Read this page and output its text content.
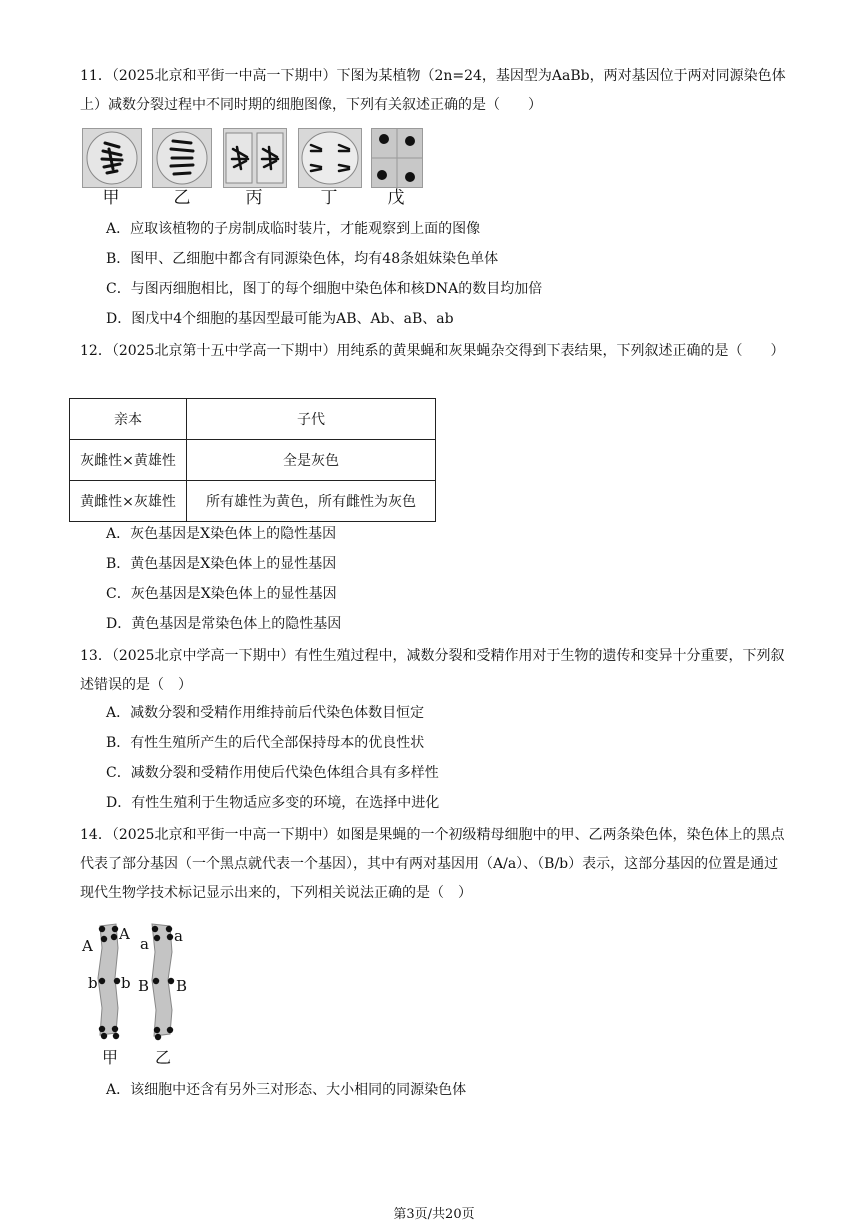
11．（2025北京和平街一中高一下期中）下图为某植物（2n=24，基因型为AaBb，两对基因位于两对同源染色体上）减数分裂过程中不同时期的细胞图像，下列有关叙述正确的是（　　）
甲	乙	丙	丁	戊
A．应取该植物的子房制成临时装片，才能观察到上面的图像
B．图甲、乙细胞中都含有同源染色体，均有48条姐妹染色单体
C．与图丙细胞相比，图丁的每个细胞中染色体和核DNA的数目均加倍
D．图戊中4个细胞的基因型最可能为AB、Ab、aB、ab
12．（2025北京第十五中学高一下期中）用纯系的黄果蝇和灰果蝇杂交得到下表结果，下列叙述正确的是（　　）
亲本	子代
灰雌性×黄雄性	全是灰色
黄雌性×灰雄性	所有雄性为黄色，所有雌性为灰色
A．灰色基因是X染色体上的隐性基因
B．黄色基因是X染色体上的显性基因
C．灰色基因是X染色体上的显性基因
D．黄色基因是常染色体上的隐性基因
13．（2025北京中学高一下期中）有性生殖过程中，减数分裂和受精作用对于生物的遗传和变异十分重要，下列叙述错误的是（　）
A．减数分裂和受精作用维持前后代染色体数目恒定
B．有性生殖所产生的后代全部保持母本的优良性状
C．减数分裂和受精作用使后代染色体组合具有多样性
D．有性生殖利于生物适应多变的环境，在选择中进化
14．（2025北京和平街一中高一下期中）如图是果蝇的一个初级精母细胞中的甲、乙两条染色体，染色体上的黑点代表了部分基因（一个黑点就代表一个基因），其中有两对基因用（A/a）、（B/b）表示，这部分基因的位置是通过现代生物学技术标记显示出来的，下列相关说法正确的是（　）
A
A
a a
b b B B
甲 乙
A．该细胞中还含有另外三对形态、大小相同的同源染色体
第3页/共20页
